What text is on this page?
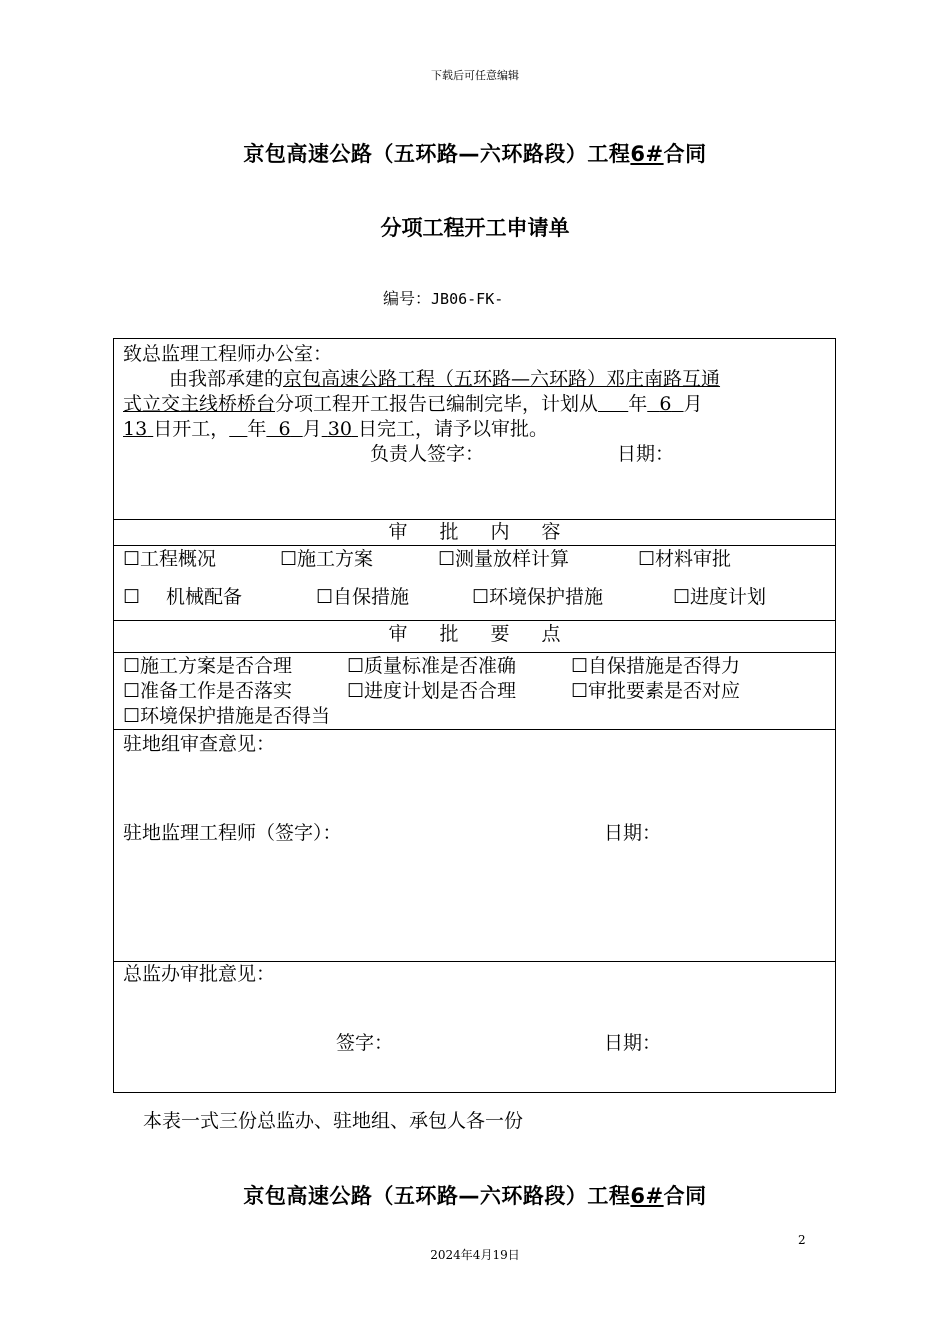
下载后可任意编辑
京包高速公路（五环路—六环路段）工程6#合同
分项工程开工申请单
编号：JB06-FK-
致总监理工程师办公室：
由我部承建的京包高速公路工程（五环路—六环路）邓庄南路互通
式立交主线桥桥台分项工程开工报告已编制完毕，计划从 年 6 月
13 日开工， 年 6 月 30 日完工，请予以审批。
负责人签字：	日期：
审 批 内 容
☐工程概况	☐施工方案	☐测量放样计算	☐材料审批
☐ 机械配备	☐自保措施	☐环境保护措施	☐进度计划
审 批 要 点
☐施工方案是否合理	☐质量标准是否准确	☐自保措施是否得力
☐准备工作是否落实	☐进度计划是否合理	☐审批要素是否对应
☐环境保护措施是否得当
驻地组审查意见：
驻地监理工程师（签字）：	日期：
总监办审批意见：
签字：	日期：
本表一式三份总监办、驻地组、承包人各一份
京包高速公路（五环路—六环路段）工程6#合同
2
2024年4月19日
